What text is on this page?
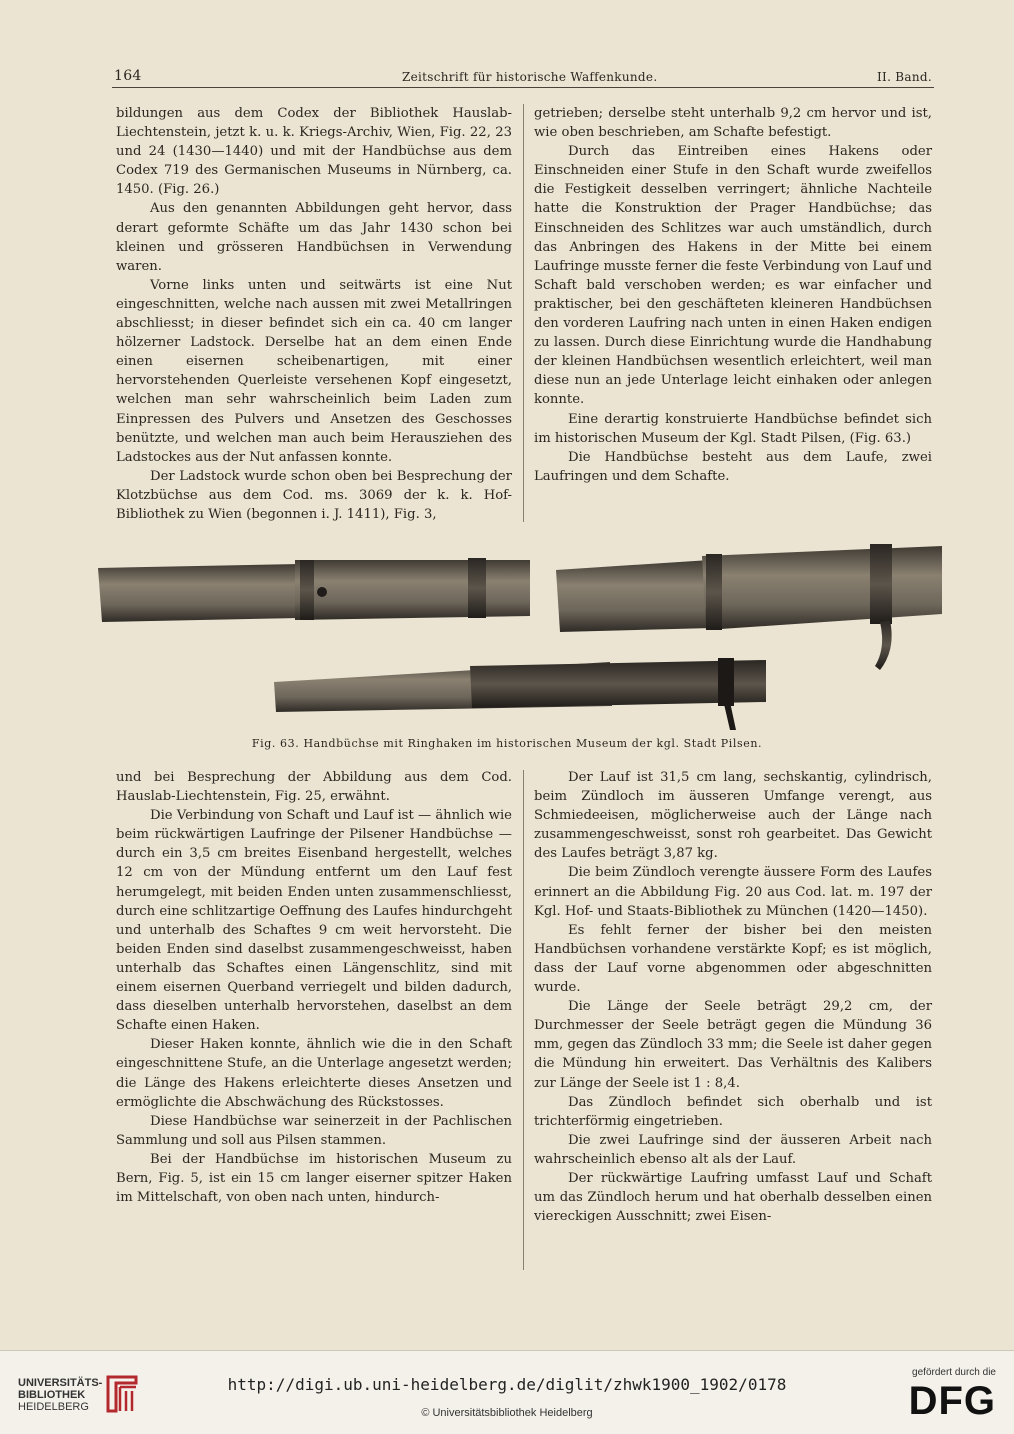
164	Zeitschrift für historische Waffenkunde.	II. Band.

bildungen aus dem Codex der Bibliothek Hauslab-Liechtenstein, jetzt k. u. k. Kriegs-Archiv, Wien, Fig. 22, 23 und 24 (1430—1440) und mit der Handbüchse aus dem Codex 719 des Germanischen Museums in Nürnberg, ca. 1450. (Fig. 26.)

Aus den genannten Abbildungen geht hervor, dass derart geformte Schäfte um das Jahr 1430 schon bei kleinen und grösseren Handbüchsen in Verwendung waren.

Vorne links unten und seitwärts ist eine Nut eingeschnitten, welche nach aussen mit zwei Metallringen abschliesst; in dieser befindet sich ein ca. 40 cm langer hölzerner Ladstock. Derselbe hat an dem einen Ende einen eisernen scheibenartigen, mit einer hervorstehenden Querleiste versehenen Kopf eingesetzt, welchen man sehr wahrscheinlich beim Laden zum Einpressen des Pulvers und Ansetzen des Geschosses benützte, und welchen man auch beim Herausziehen des Ladstockes aus der Nut anfassen konnte.

Der Ladstock wurde schon oben bei Besprechung der Klotzbüchse aus dem Cod. ms. 3069 der k. k. Hof-Bibliothek zu Wien (begonnen i. J. 1411), Fig. 3,

getrieben; derselbe steht unterhalb 9,2 cm hervor und ist, wie oben beschrieben, am Schafte befestigt.

Durch das Eintreiben eines Hakens oder Einschneiden einer Stufe in den Schaft wurde zweifellos die Festigkeit desselben verringert; ähnliche Nachteile hatte die Konstruktion der Prager Handbüchse; das Einschneiden des Schlitzes war auch umständlich, durch das Anbringen des Hakens in der Mitte bei einem Laufringe musste ferner die feste Verbindung von Lauf und Schaft bald verschoben werden; es war einfacher und praktischer, bei den geschäfteten kleineren Handbüchsen den vorderen Laufring nach unten in einen Haken endigen zu lassen. Durch diese Einrichtung wurde die Handhabung der kleinen Handbüchsen wesentlich erleichtert, weil man diese nun an jede Unterlage leicht einhaken oder anlegen konnte.

Eine derartig konstruierte Handbüchse befindet sich im historischen Museum der Kgl. Stadt Pilsen, (Fig. 63.)

Die Handbüchse besteht aus dem Laufe, zwei Laufringen und dem Schafte.

Fig. 63. Handbüchse mit Ringhaken im historischen Museum der kgl. Stadt Pilsen.

und bei Besprechung der Abbildung aus dem Cod. Hauslab-Liechtenstein, Fig. 25, erwähnt.

Die Verbindung von Schaft und Lauf ist — ähnlich wie beim rückwärtigen Laufringe der Pilsener Handbüchse — durch ein 3,5 cm breites Eisenband hergestellt, welches 12 cm von der Mündung entfernt um den Lauf fest herumgelegt, mit beiden Enden unten zusammenschliesst, durch eine schlitzartige Oeffnung des Laufes hindurchgeht und unterhalb des Schaftes 9 cm weit hervorsteht. Die beiden Enden sind daselbst zusammengeschweisst, haben unterhalb das Schaftes einen Längenschlitz, sind mit einem eisernen Querband verriegelt und bilden dadurch, dass dieselben unterhalb hervorstehen, daselbst an dem Schafte einen Haken.

Dieser Haken konnte, ähnlich wie die in den Schaft eingeschnittene Stufe, an die Unterlage angesetzt werden; die Länge des Hakens erleichterte dieses Ansetzen und ermöglichte die Abschwächung des Rückstosses.

Diese Handbüchse war seinerzeit in der Pachlischen Sammlung und soll aus Pilsen stammen.

Bei der Handbüchse im historischen Museum zu Bern, Fig. 5, ist ein 15 cm langer eiserner spitzer Haken im Mittelschaft, von oben nach unten, hindurch-

Der Lauf ist 31,5 cm lang, sechskantig, cylindrisch, beim Zündloch im äusseren Umfange verengt, aus Schmiedeeisen, möglicherweise auch der Länge nach zusammengeschweisst, sonst roh gearbeitet. Das Gewicht des Laufes beträgt 3,87 kg.

Die beim Zündloch verengte äussere Form des Laufes erinnert an die Abbildung Fig. 20 aus Cod. lat. m. 197 der Kgl. Hof- und Staats-Bibliothek zu München (1420—1450).

Es fehlt ferner der bisher bei den meisten Handbüchsen vorhandene verstärkte Kopf; es ist möglich, dass der Lauf vorne abgenommen oder abgeschnitten wurde.

Die Länge der Seele beträgt 29,2 cm, der Durchmesser der Seele beträgt gegen die Mündung 36 mm, gegen das Zündloch 33 mm; die Seele ist daher gegen die Mündung hin erweitert. Das Verhältnis des Kalibers zur Länge der Seele ist 1 : 8,4.

Das Zündloch befindet sich oberhalb und ist trichterförmig eingetrieben.

Die zwei Laufringe sind der äusseren Arbeit nach wahrscheinlich ebenso alt als der Lauf.

Der rückwärtige Laufring umfasst Lauf und Schaft um das Zündloch herum und hat oberhalb desselben einen viereckigen Ausschnitt; zwei Eisen-

UNIVERSITÄTS-
BIBLIOTHEK
HEIDELBERG
http://digi.ub.uni-heidelberg.de/diglit/zhwk1900_1902/0178
© Universitätsbibliothek Heidelberg
gefördert durch die
DFG
